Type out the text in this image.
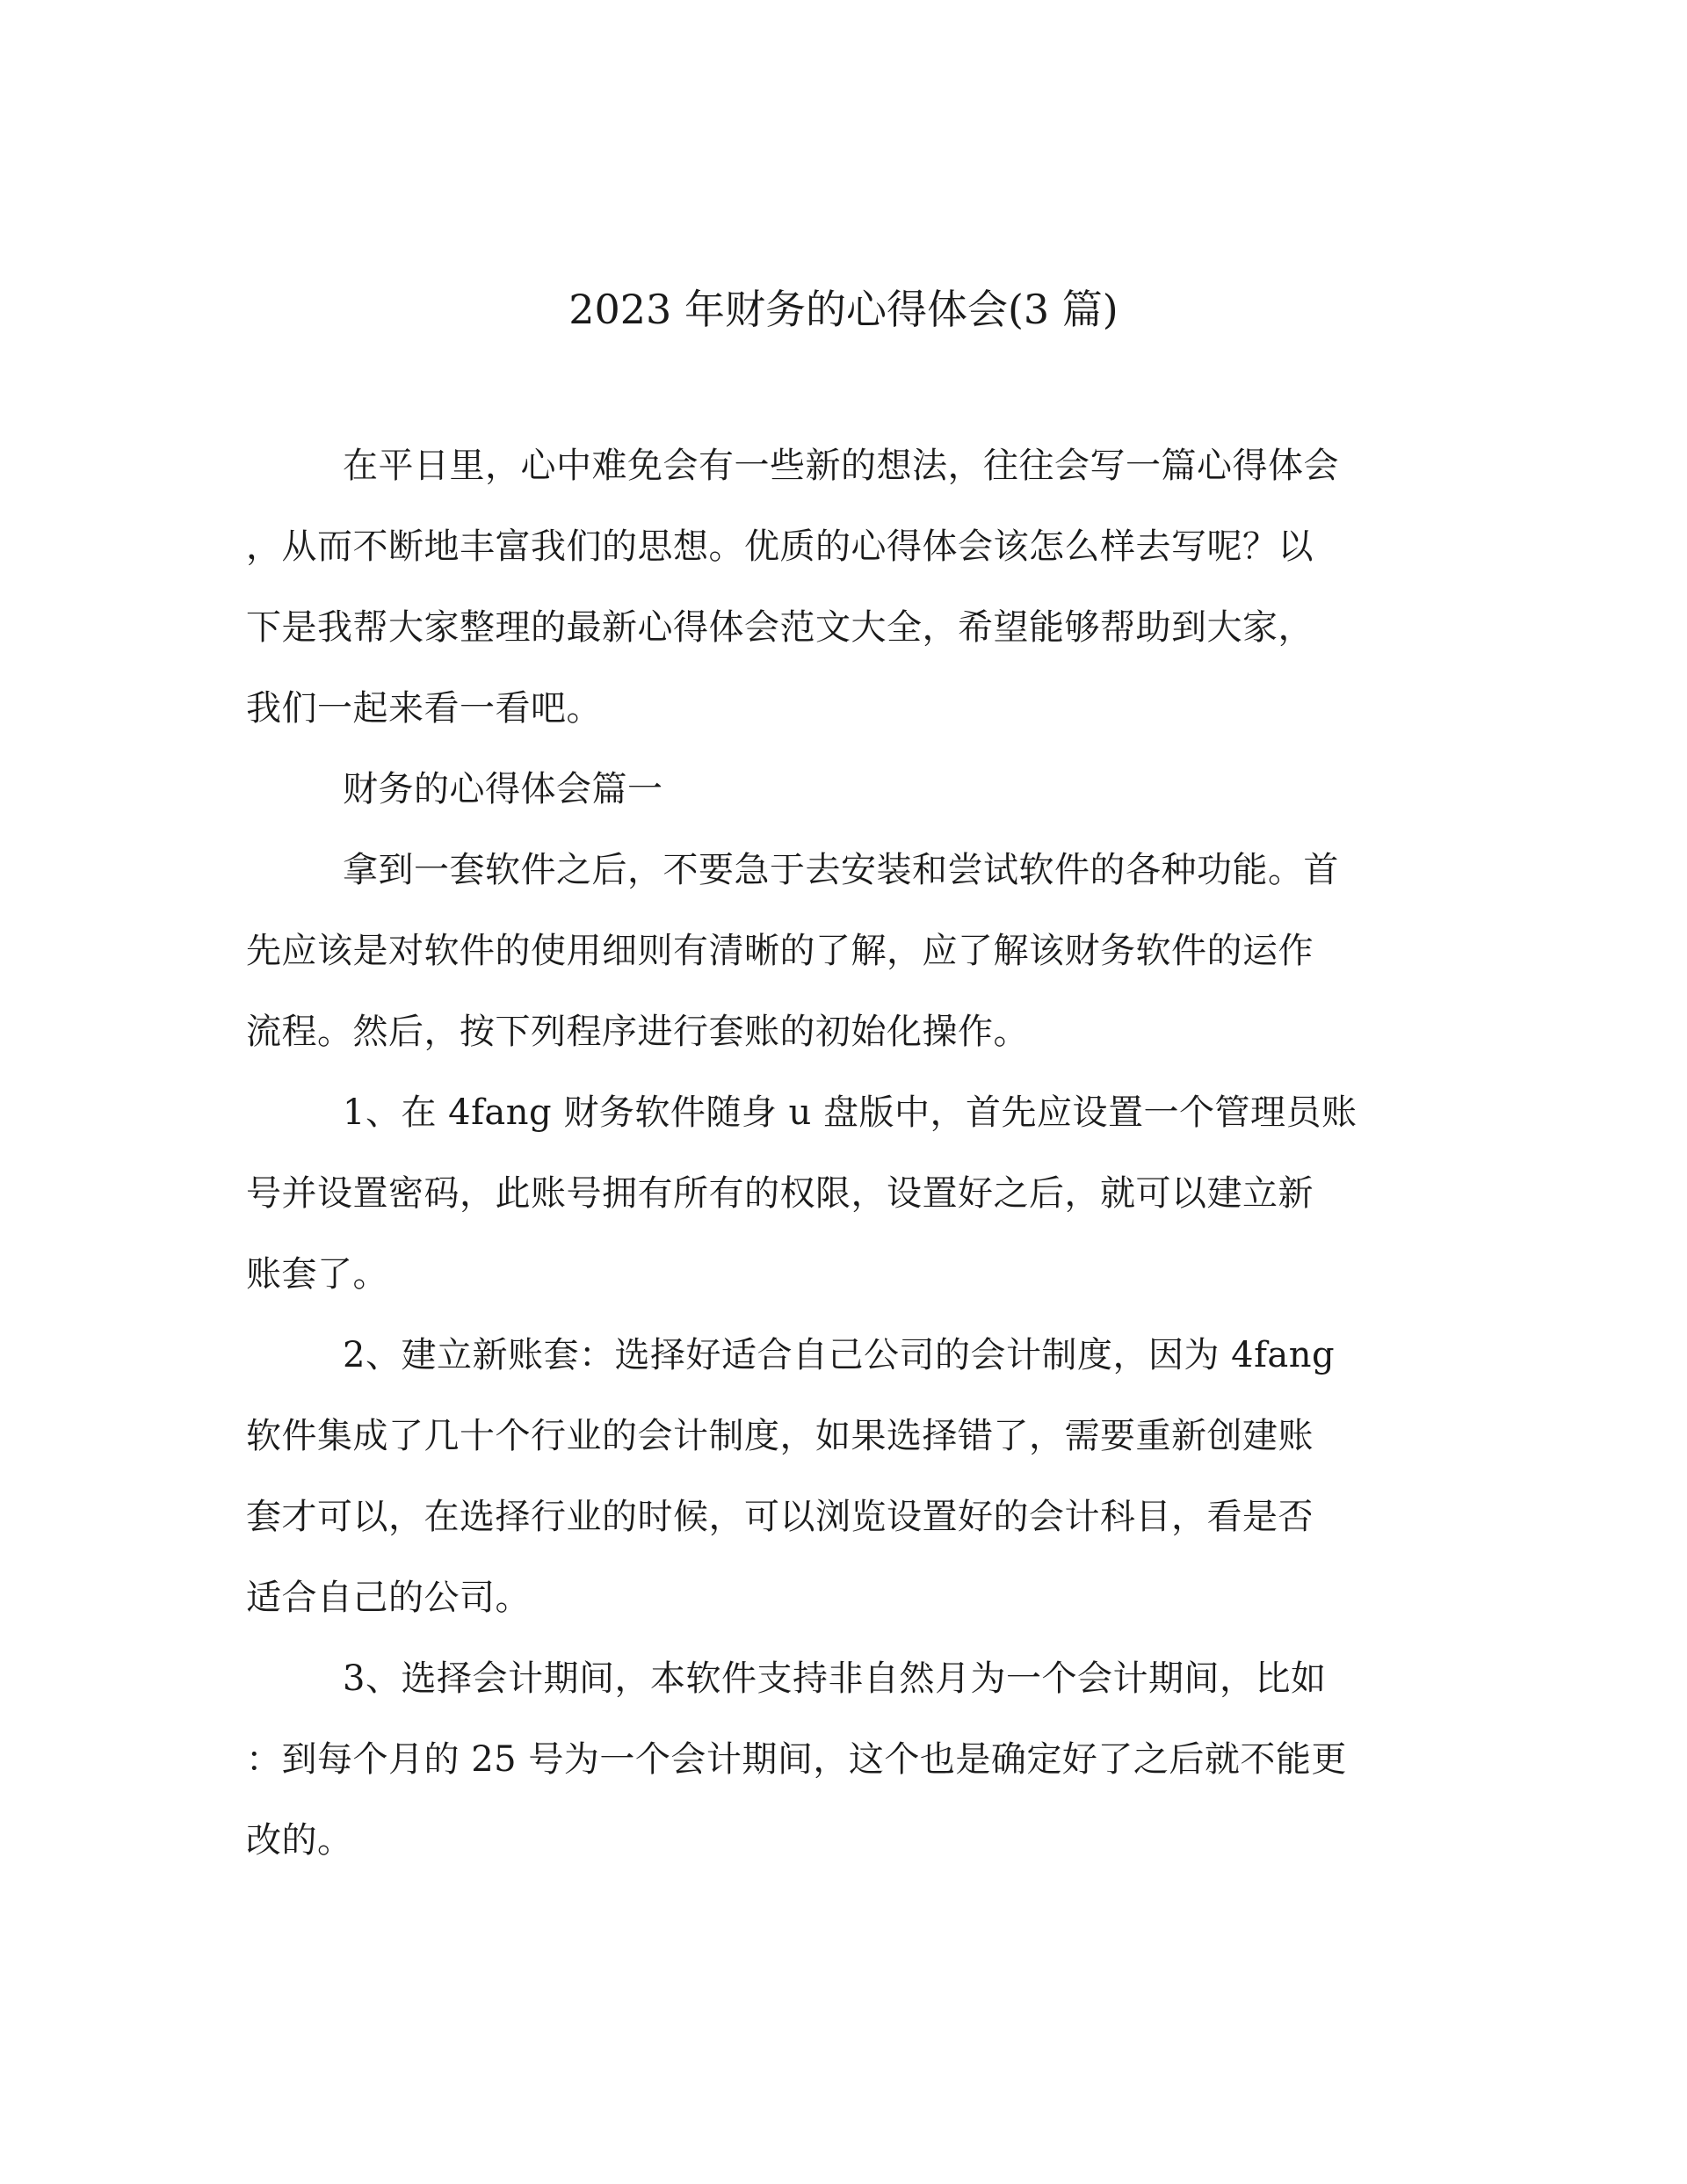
2023 年财务的心得体会(3 篇)
在平日里，心中难免会有一些新的想法，往往会写一篇心得体会
，从而不断地丰富我们的思想。优质的心得体会该怎么样去写呢？以
下是我帮大家整理的最新心得体会范文大全，希望能够帮助到大家，
我们一起来看一看吧。
财务的心得体会篇一
拿到一套软件之后，不要急于去安装和尝试软件的各种功能。首
先应该是对软件的使用细则有清晰的了解，应了解该财务软件的运作
流程。然后，按下列程序进行套账的初始化操作。
1、在 4fang 财务软件随身 u 盘版中，首先应设置一个管理员账
号并设置密码，此账号拥有所有的权限，设置好之后，就可以建立新
账套了。
2、建立新账套：选择好适合自己公司的会计制度，因为 4fang
软件集成了几十个行业的会计制度，如果选择错了，需要重新创建账
套才可以，在选择行业的时候，可以浏览设置好的会计科目，看是否
适合自己的公司。
3、选择会计期间，本软件支持非自然月为一个会计期间，比如
：到每个月的 25 号为一个会计期间，这个也是确定好了之后就不能更
改的。
